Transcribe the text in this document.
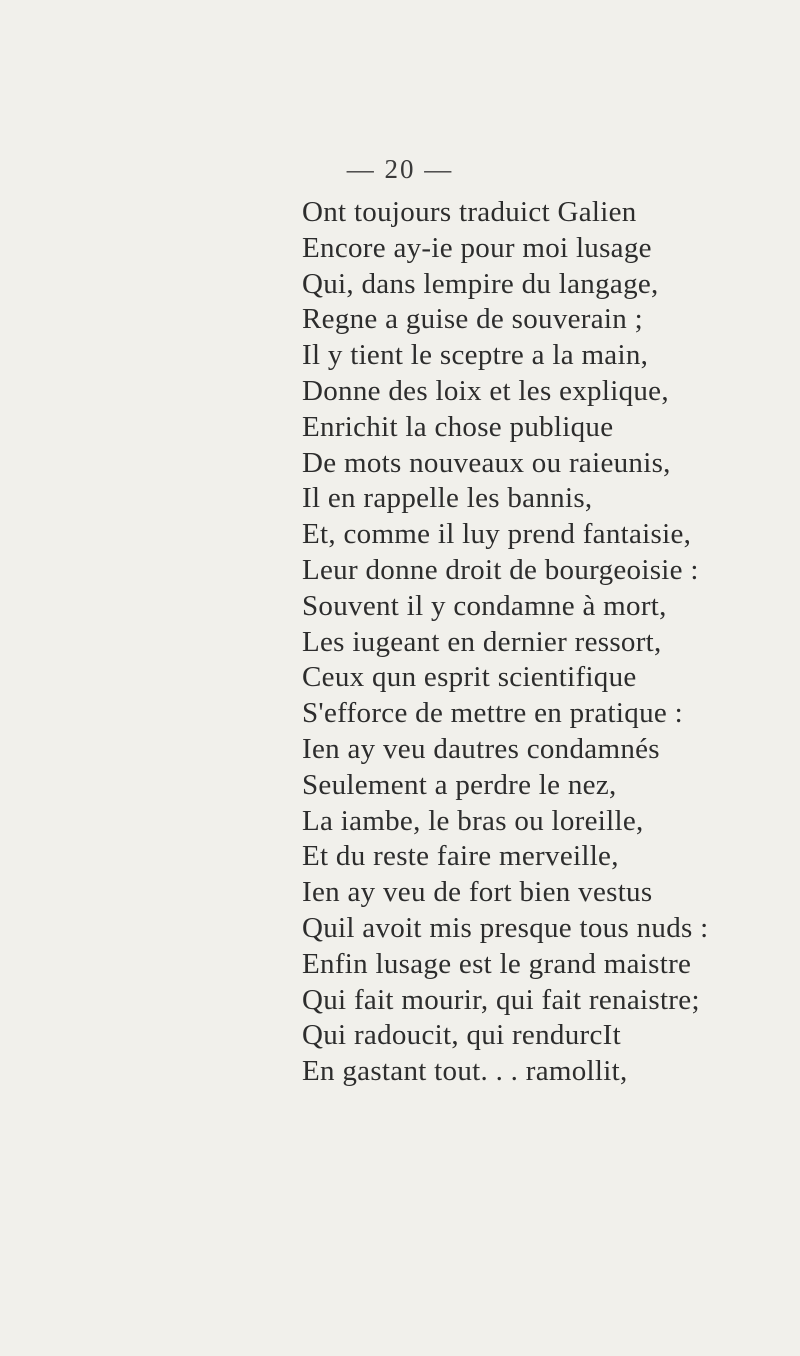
— 20 —
Ont toujours traduict Galien
Encore ay-ie pour moi lusage
Qui, dans lempire du langage,
Regne a guise de souverain ;
Il y tient le sceptre a la main,
Donne des loix et les explique,
Enrichit la chose publique
De mots nouveaux ou raieunis,
Il en rappelle les bannis,
Et, comme il luy prend fantaisie,
Leur donne droit de bourgeoisie :
Souvent il y condamne à mort,
Les iugeant en dernier ressort,
Ceux qun esprit scientifique
S'efforce de mettre en pratique :
Ien ay veu dautres condamnés
Seulement a perdre le nez,
La iambe, le bras ou loreille,
Et du reste faire merveille,
Ien ay veu de fort bien vestus
Quil avoit mis presque tous nuds :
Enfin lusage est le grand maistre
Qui fait mourir, qui fait renaistre;
Qui radoucit, qui rendurcIt
En gastant tout. . . ramollit,
